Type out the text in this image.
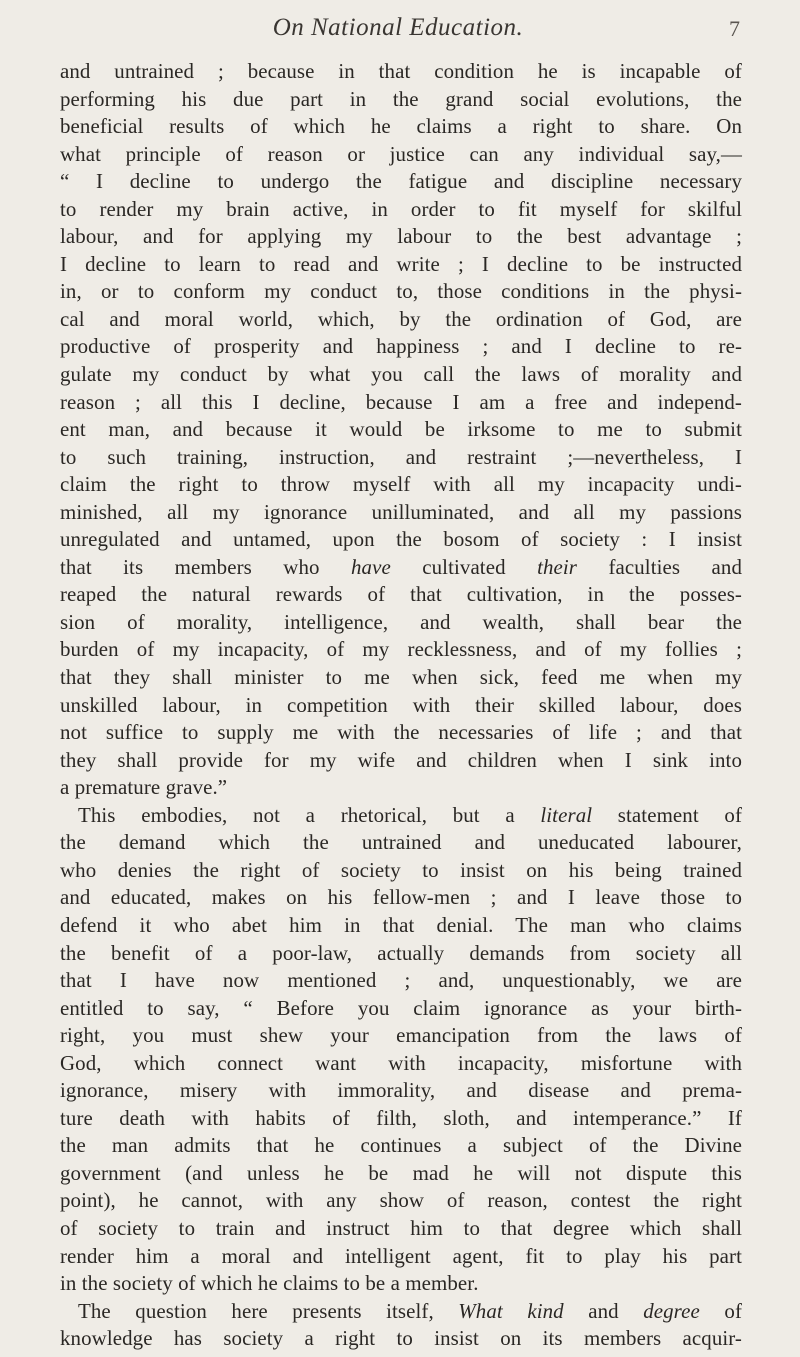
On National Education.	7
and untrained ; because in that condition he is incapable of
performing his due part in the grand social evolutions, the
beneficial results of which he claims a right to share. On
what principle of reason or justice can any individual say,—
“ I decline to undergo the fatigue and discipline necessary
to render my brain active, in order to fit myself for skilful
labour, and for applying my labour to the best advantage ;
I decline to learn to read and write ; I decline to be instructed
in, or to conform my conduct to, those conditions in the physi-
cal and moral world, which, by the ordination of God, are
productive of prosperity and happiness ; and I decline to re-
gulate my conduct by what you call the laws of morality and
reason ; all this I decline, because I am a free and independ-
ent man, and because it would be irksome to me to submit
to such training, instruction, and restraint ;—nevertheless, I
claim the right to throw myself with all my incapacity undi-
minished, all my ignorance unilluminated, and all my passions
unregulated and untamed, upon the bosom of society : I insist
that its members who have cultivated their faculties and
reaped the natural rewards of that cultivation, in the posses-
sion of morality, intelligence, and wealth, shall bear the
burden of my incapacity, of my recklessness, and of my follies ;
that they shall minister to me when sick, feed me when my
unskilled labour, in competition with their skilled labour, does
not suffice to supply me with the necessaries of life ; and that
they shall provide for my wife and children when I sink into
a premature grave.”
This embodies, not a rhetorical, but a literal statement of
the demand which the untrained and uneducated labourer,
who denies the right of society to insist on his being trained
and educated, makes on his fellow-men ; and I leave those to
defend it who abet him in that denial. The man who claims
the benefit of a poor-law, actually demands from society all
that I have now mentioned ; and, unquestionably, we are
entitled to say, “ Before you claim ignorance as your birth-
right, you must shew your emancipation from the laws of
God, which connect want with incapacity, misfortune with
ignorance, misery with immorality, and disease and prema-
ture death with habits of filth, sloth, and intemperance.” If
the man admits that he continues a subject of the Divine
government (and unless he be mad he will not dispute this
point), he cannot, with any show of reason, contest the right
of society to train and instruct him to that degree which shall
render him a moral and intelligent agent, fit to play his part
in the society of which he claims to be a member.
The question here presents itself, What kind and degree of
knowledge has society a right to insist on its members acquir-
